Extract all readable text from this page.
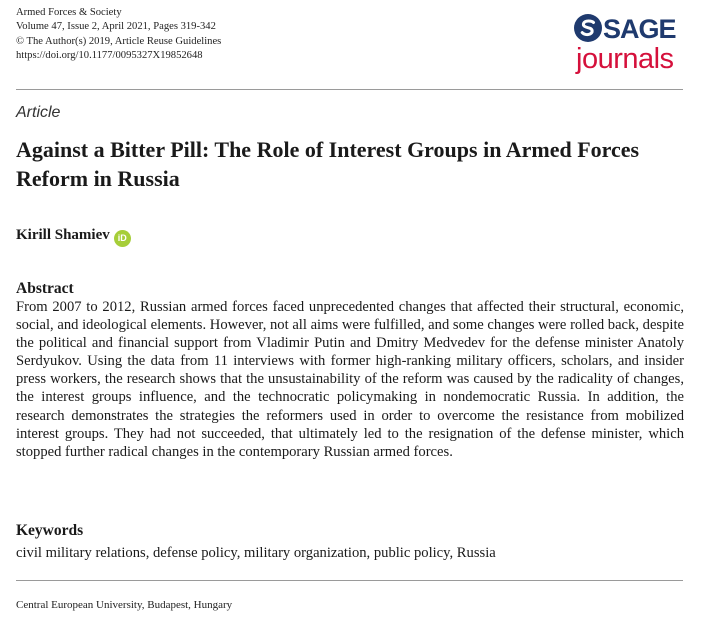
Armed Forces & Society
Volume 47, Issue 2, April 2021, Pages 319-342
© The Author(s) 2019, Article Reuse Guidelines
https://doi.org/10.1177/0095327X19852648
SAGE
journals
Article
Against a Bitter Pill: The Role of Interest Groups in Armed Forces Reform in Russia
Kirill Shamiev iD
Abstract
From 2007 to 2012, Russian armed forces faced unprecedented changes that affected their structural, economic, social, and ideological elements. However, not all aims were fulfilled, and some changes were rolled back, despite the political and financial support from Vladimir Putin and Dmitry Medvedev for the defense minister Anatoly Serdyukov. Using the data from 11 interviews with former high-ranking military officers, scholars, and insider press workers, the research shows that the unsustainability of the reform was caused by the radicality of changes, the interest groups influence, and the technocratic policymaking in nondemocratic Russia. In addition, the research demonstrates the strategies the reformers used in order to overcome the resistance from mobilized interest groups. They had not succeeded, that ultimately led to the resignation of the defense minister, which stopped further radical changes in the contemporary Russian armed forces.
Keywords
civil military relations, defense policy, military organization, public policy, Russia
Central European University, Budapest, Hungary
